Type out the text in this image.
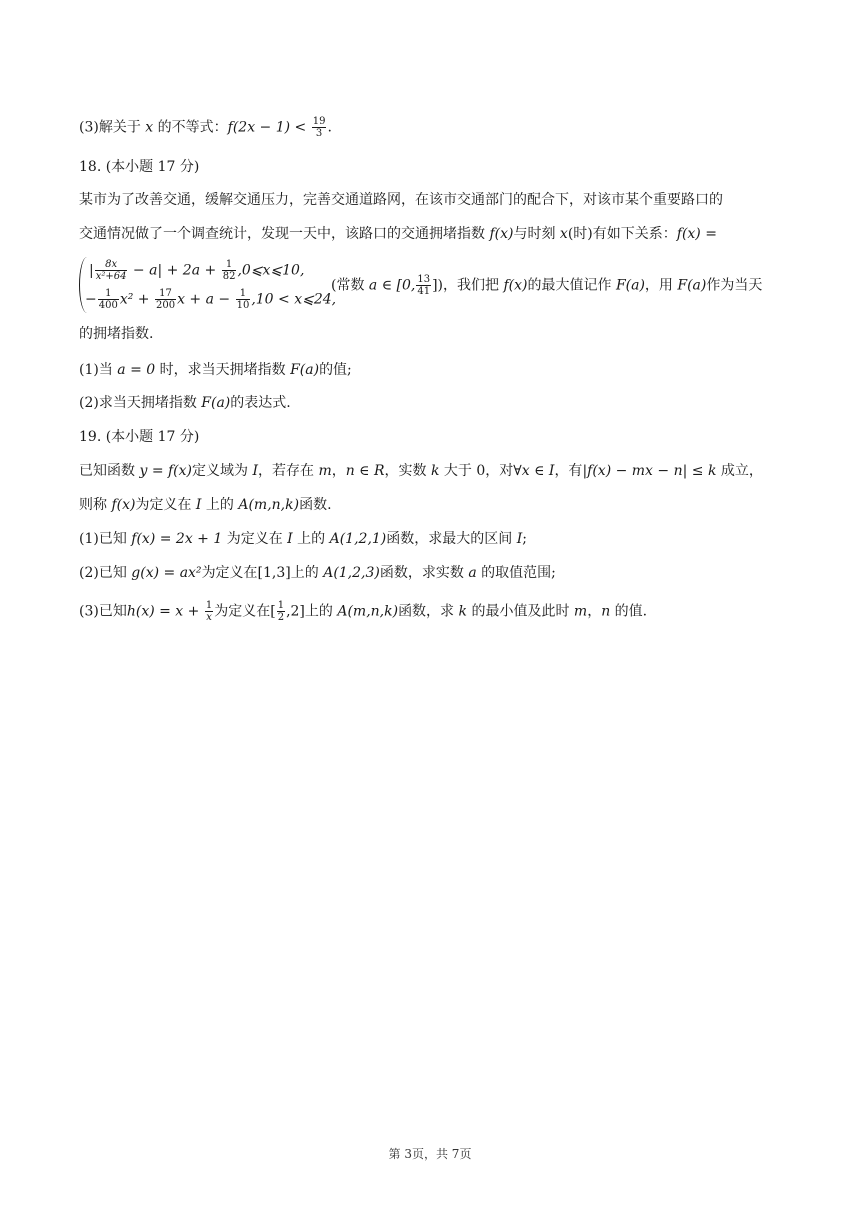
(3)解关于 x 的不等式：$f(2x - 1) < \frac{19}{3}$ .
18. (本小题 17 分)
某市为了改善交通，缓解交通压力，完善交通道路网，在该市交通部门的配合下，对该市某个重要路口的
交通情况做了一个调查统计，发现一天中，该路口的交通拥堵指数 f(x)与时刻 x(时)有如下关系：f(x) =
| $\frac{8x}{\text{x²+64}} - a| + 2a + \frac{1}{82}$ ,0⩽x⩽10,
− $\frac{1}{400} x^2 + \frac{17}{200}$ $x + a - \frac{1}{10} ,10$ < x⩽24,
(常数 a ∈ [0, $\frac{13}{41}$ ])，我们把 f(x)的最大值记作 F(a)，用 F(a)作为当天
的拥堵指数.
(1)当 a = 0 时，求当天拥堵指数 F(a)的值;
(2)求当天拥堵指数 F(a)的表达式.
19. (本小题 17 分)
已知函数 y = f(x)定义域为 I，若存在 m，n ∈ R，实数 k 大于 0，对∀x ∈ I，有|f(x) − mx − n| ≤ k 成立，
则称 f(x)为定义在 I 上的 A(m,n,k)函数.
(1)已知 f(x) = 2x + 1 为定义在 I 上的 A(1,2,1)函数，求最大的区间 I;
(2)已知 g(x) = ax²为定义在[1,3]上的 A(1,2,3)函数，求实数 a 的取值范围;
(3)已知$h(x) = x + \frac{1}{x}$ 为定义在[ $\frac{1}{2} ,2$]上的 A(m,n,k)函数，求 k 的最小值及此时 m，n 的值.
第 3页，共 7页
